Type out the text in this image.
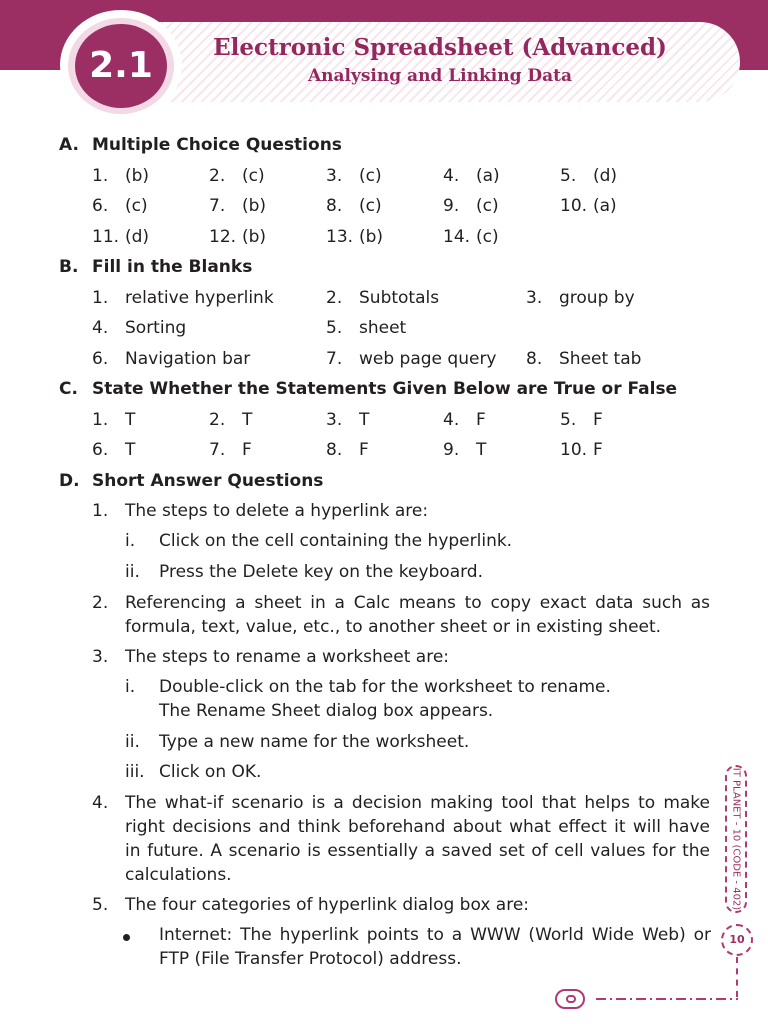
2.1	Electronic Spreadsheet (Advanced)
Analysing and Linking Data
A. Multiple Choice Questions
1. (b)	2. (c)	3. (c)	4. (a)	5. (d)
6. (c)	7. (b)	8. (c)	9. (c)	10. (a)
11. (d)	12. (b)	13. (b)	14. (c)
B. Fill in the Blanks
1. relative hyperlink	2. Subtotals	3. group by
4. Sorting	5. sheet
6. Navigation bar	7. web page query 8. Sheet tab
C. State Whether the Statements Given Below are True or False
1. T	2. T	3. T	4. F	5. F
6. T	7. F	8. F	9. T	10. F
D. Short Answer Questions
1. The steps to delete a hyperlink are:
i. Click on the cell containing the hyperlink.
ii. Press the Delete key on the keyboard.
2. Referencing a sheet in a Calc means to copy exact data such as formula, text, value, etc., to another sheet or in existing sheet.
3. The steps to rename a worksheet are:
i. Double-click on the tab for the worksheet to rename.
The Rename Sheet dialog box appears.
ii. Type a new name for the worksheet.
iii. Click on OK.
4. The what-if scenario is a decision making tool that helps to make right decisions and think beforehand about what effect it will have in future. A scenario is essentially a saved set of cell values for the calculations.
5. The four categories of hyperlink dialog box are:
Internet: The hyperlink points to a WWW (World Wide Web) or FTP (File Transfer Protocol) address.
IT PLANET - 10 (CODE - 402)
10
